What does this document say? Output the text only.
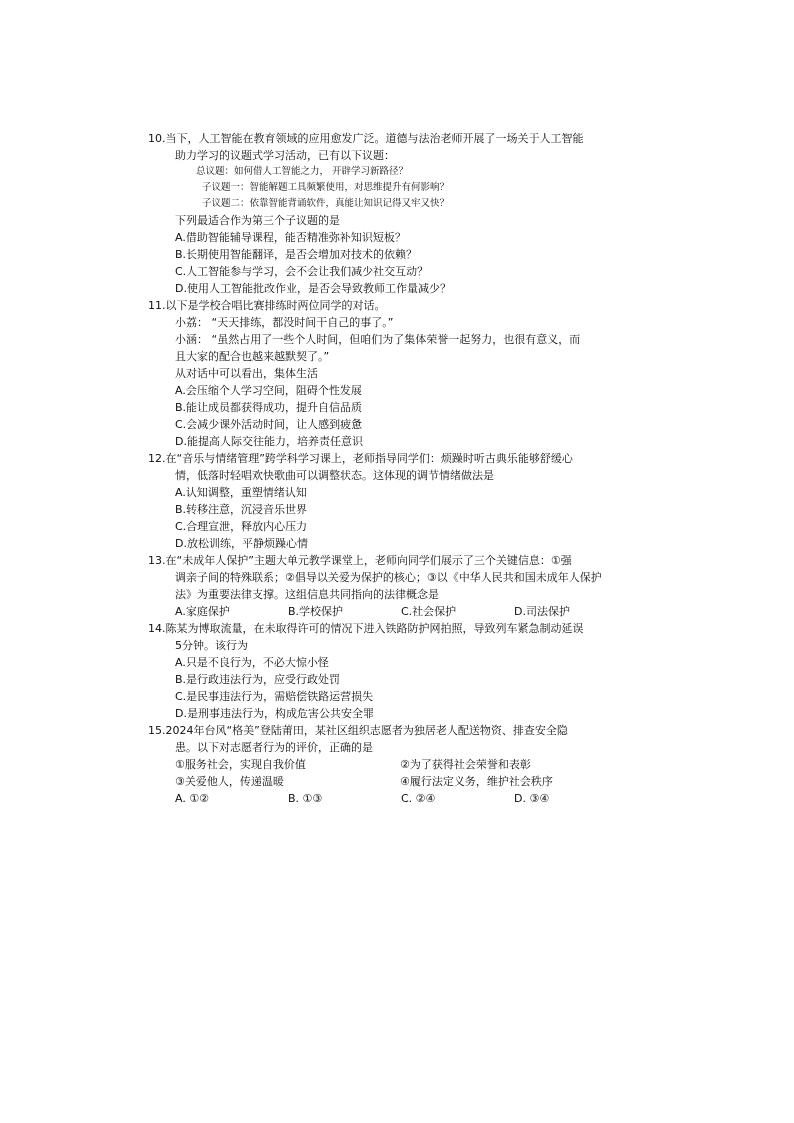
10.当下，人工智能在教育领域的应用愈发广泛。道德与法治老师开展了一场关于人工智能
助力学习的议题式学习活动，已有以下议题：
总议题：如何借人工智能之力， 开辟学习新路径？
子议题一：智能解题工具频繁使用，对思维提升有何影响？
子议题二：依靠智能背诵软件，真能让知识记得又牢又快？
下列最适合作为第三个子议题的是
A.借助智能辅导课程，能否精准弥补知识短板？
B.长期使用智能翻译，是否会增加对技术的依赖？
C.人工智能参与学习，会不会让我们减少社交互动？
D.使用人工智能批改作业，是否会导致教师工作量减少？
11.以下是学校合唱比赛排练时两位同学的对话。
小荔： “天天排练，都没时间干自己的事了。”
小涵： “虽然占用了一些个人时间，但咱们为了集体荣誉一起努力，也很有意义，而
且大家的配合也越来越默契了。”
从对话中可以看出，集体生活
A.会压缩个人学习空间，阻碍个性发展
B.能让成员都获得成功，提升自信品质
C.会减少课外活动时间，让人感到疲惫
D.能提高人际交往能力，培养责任意识
12.在“音乐与情绪管理”跨学科学习课上，老师指导同学们：烦躁时听古典乐能够舒缓心
情，低落时轻唱欢快歌曲可以调整状态。这体现的调节情绪做法是
A.认知调整，重塑情绪认知
B.转移注意，沉浸音乐世界
C.合理宣泄，释放内心压力
D.放松训练，平静烦躁心情
13.在“未成年人保护”主题大单元教学课堂上，老师向同学们展示了三个关键信息：①强
调亲子间的特殊联系；②倡导以关爱为保护的核心；③以《中华人民共和国未成年人保护
法》为重要法律支撑。这组信息共同指向的法律概念是
A.家庭保护	B.学校保护	C.社会保护	D.司法保护
14.陈某为博取流量，在未取得许可的情况下进入铁路防护网拍照，导致列车紧急制动延误
5分钟。该行为
A.只是不良行为，不必大惊小怪
B.是行政违法行为，应受行政处罚
C.是民事违法行为，需赔偿铁路运营损失
D.是刑事违法行为，构成危害公共安全罪
15.2024年台风“格美”登陆莆田，某社区组织志愿者为独居老人配送物资、排查安全隐
患。以下对志愿者行为的评价，正确的是
①服务社会，实现自我价值	②为了获得社会荣誉和表彰
③关爱他人，传递温暖	④履行法定义务，维护社会秩序
A. ①②	B. ①③	C. ②④	D. ③④
